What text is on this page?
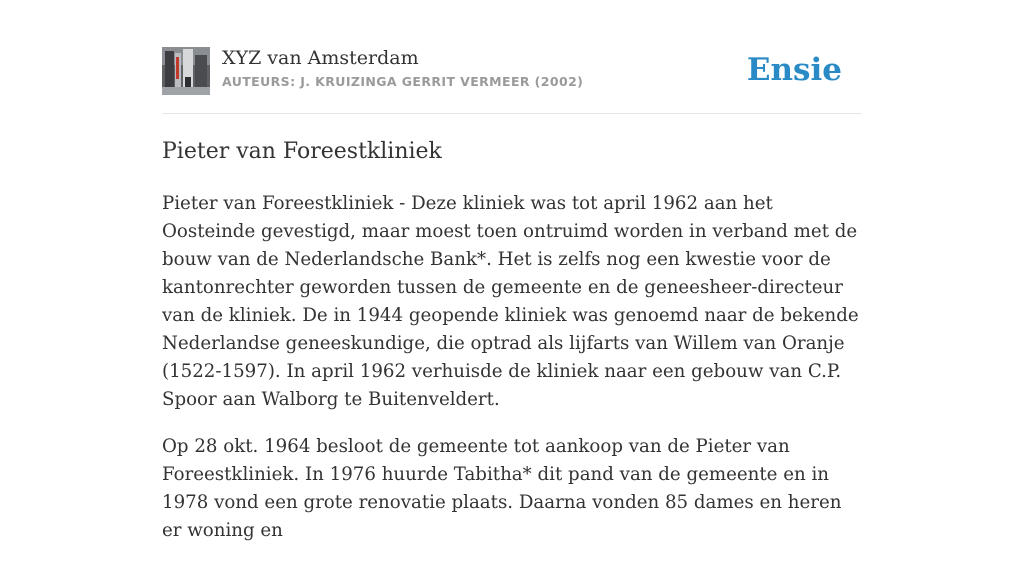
XYZ van Amsterdam
AUTEURS: J. KRUIZINGA GERRIT VERMEER (2002)	Ensie
Pieter van Foreestkliniek

Pieter van Foreestkliniek - Deze kliniek was tot april 1962 aan het Oosteinde gevestigd, maar moest toen ontruimd worden in verband met de bouw van de Nederlandsche Bank*. Het is zelfs nog een kwestie voor de kantonrechter geworden tussen de gemeente en de geneesheer-directeur van de kliniek. De in 1944 geopende kliniek was genoemd naar de bekende Nederlandse geneeskundige, die optrad als lijfarts van Willem van Oranje (1522-1597). In april 1962 verhuisde de kliniek naar een gebouw van C.P. Spoor aan Walborg te Buitenveldert.

Op 28 okt. 1964 besloot de gemeente tot aankoop van de Pieter van Foreestkliniek. In 1976 huurde Tabitha* dit pand van de gemeente en in 1978 vond een grote renovatie plaats. Daarna vonden 85 dames en heren er woning en
